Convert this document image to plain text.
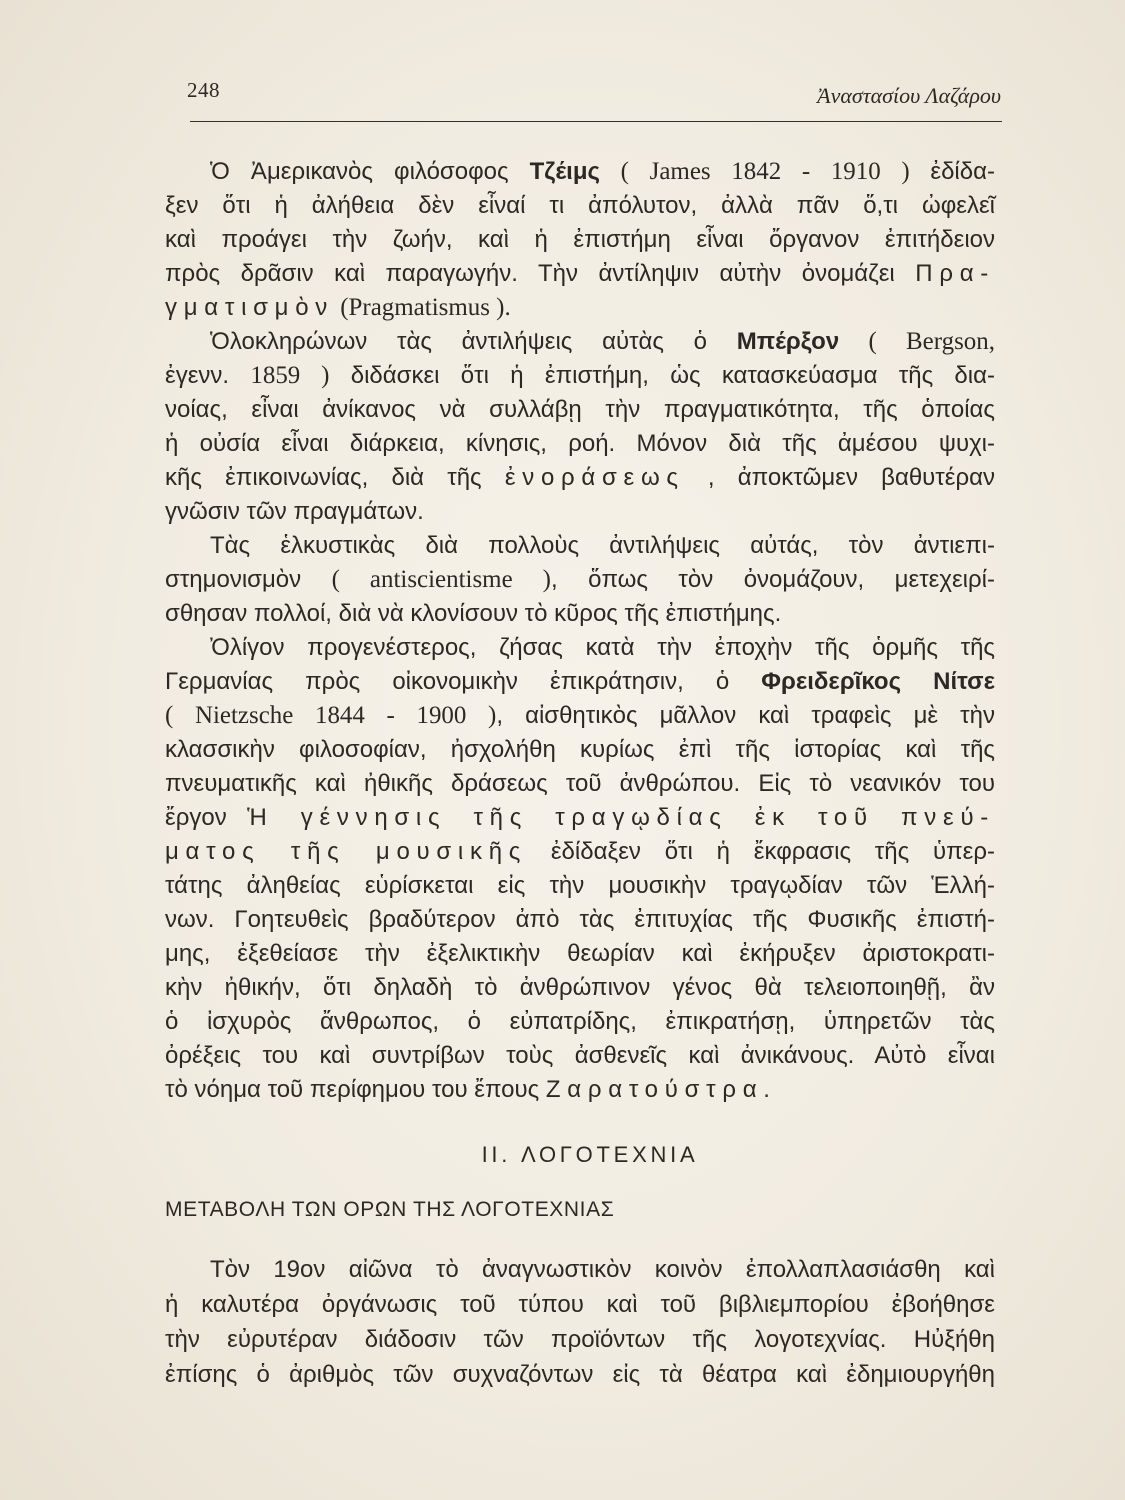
248	Ἀναστασίου Λαζάρου
Ὁ Ἀμερικανὸς φιλόσοφος Τζέιμς ( James 1842 - 1910 ) ἐδίδα-
ξεν ὅτι ἡ ἀλήθεια δὲν εἶναί τι ἀπόλυτον, ἀλλὰ πᾶν ὅ,τι ὠφελεῖ
καὶ προάγει τὴν ζωήν, καὶ ἡ ἐπιστήμη εἶναι ὄργανον ἐπιτήδειον
πρὸς δρᾶσιν καὶ παραγωγήν. Τὴν ἀντίληψιν αὐτὴν ὀνομάζει Πρα-
γματισμὸν (Pragmatismus ).
Ὁλοκληρώνων τὰς ἀντιλήψεις αὐτὰς ὁ Μπέρξον ( Bergson,
ἐγενν. 1859 ) διδάσκει ὅτι ἡ ἐπιστήμη, ὡς κατασκεύασμα τῆς δια-
νοίας, εἶναι ἀνίκανος νὰ συλλάβῃ τὴν πραγματικότητα, τῆς ὁποίας
ἡ οὐσία εἶναι διάρκεια, κίνησις, ροή. Μόνον διὰ τῆς ἀμέσου ψυχι-
κῆς ἐπικοινωνίας, διὰ τῆς ἐνοράσεως , ἀποκτῶμεν βαθυτέραν
γνῶσιν τῶν πραγμάτων.
Τὰς ἑλκυστικὰς διὰ πολλοὺς ἀντιλήψεις αὐτάς, τὸν ἀντιεπι-
στημονισμὸν ( antiscientisme ), ὅπως τὸν ὀνομάζουν, μετεχειρί-
σθησαν πολλοί, διὰ νὰ κλονίσουν τὸ κῦρος τῆς ἐπιστήμης.
Ὀλίγον προγενέστερος, ζήσας κατὰ τὴν ἐποχὴν τῆς ὁρμῆς τῆς
Γερμανίας πρὸς οἰκονομικὴν ἐπικράτησιν, ὁ Φρειδερῖκος Νίτσε
( Nietzsche 1844 - 1900 ), αἰσθητικὸς μᾶλλον καὶ τραφεὶς μὲ τὴν
κλασσικὴν φιλοσοφίαν, ἠσχολήθη κυρίως ἐπὶ τῆς ἱστορίας καὶ τῆς
πνευματικῆς καὶ ἠθικῆς δράσεως τοῦ ἀνθρώπου. Εἰς τὸ νεανικόν του
ἔργον Ἡ γέννησις τῆς τραγῳδίας ἐκ τοῦ πνεύ-
ματος τῆς μουσικῆς ἐδίδαξεν ὅτι ἡ ἔκφρασις τῆς ὑπερ-
τάτης ἀληθείας εὑρίσκεται εἰς τὴν μουσικὴν τραγῳδίαν τῶν Ἑλλή-
νων. Γοητευθεὶς βραδύτερον ἀπὸ τὰς ἐπιτυχίας τῆς Φυσικῆς ἐπιστή-
μης, ἐξεθείασε τὴν ἐξελικτικὴν θεωρίαν καὶ ἐκήρυξεν ἀριστοκρατι-
κὴν ἠθικήν, ὅτι δηλαδὴ τὸ ἀνθρώπινον γένος θὰ τελειοποιηθῇ, ἂν
ὁ ἰσχυρὸς ἄνθρωπος, ὁ εὐπατρίδης, ἐπικρατήσῃ, ὑπηρετῶν τὰς
ὀρέξεις του καὶ συντρίβων τοὺς ἀσθενεῖς καὶ ἀνικάνους. Αὐτὸ εἶναι
τὸ νόημα τοῦ περίφημου του ἔπους Ζαρατούστρα.
II. ΛΟΓΟΤΕΧΝΙΑ
ΜΕΤΑΒΟΛΗ ΤΩΝ ΟΡΩΝ ΤΗΣ ΛΟΓΟΤΕΧΝΙΑΣ
Τὸν 19ον αἰῶνα τὸ ἀναγνωστικὸν κοινὸν ἐπολλαπλασιάσθη καὶ
ἡ καλυτέρα ὀργάνωσις τοῦ τύπου καὶ τοῦ βιβλιεμπορίου ἐβοήθησε
τὴν εὐρυτέραν διάδοσιν τῶν προϊόντων τῆς λογοτεχνίας. Ηὐξήθη
ἐπίσης ὁ ἀριθμὸς τῶν συχναζόντων εἰς τὰ θέατρα καὶ ἐδημιουργήθη
